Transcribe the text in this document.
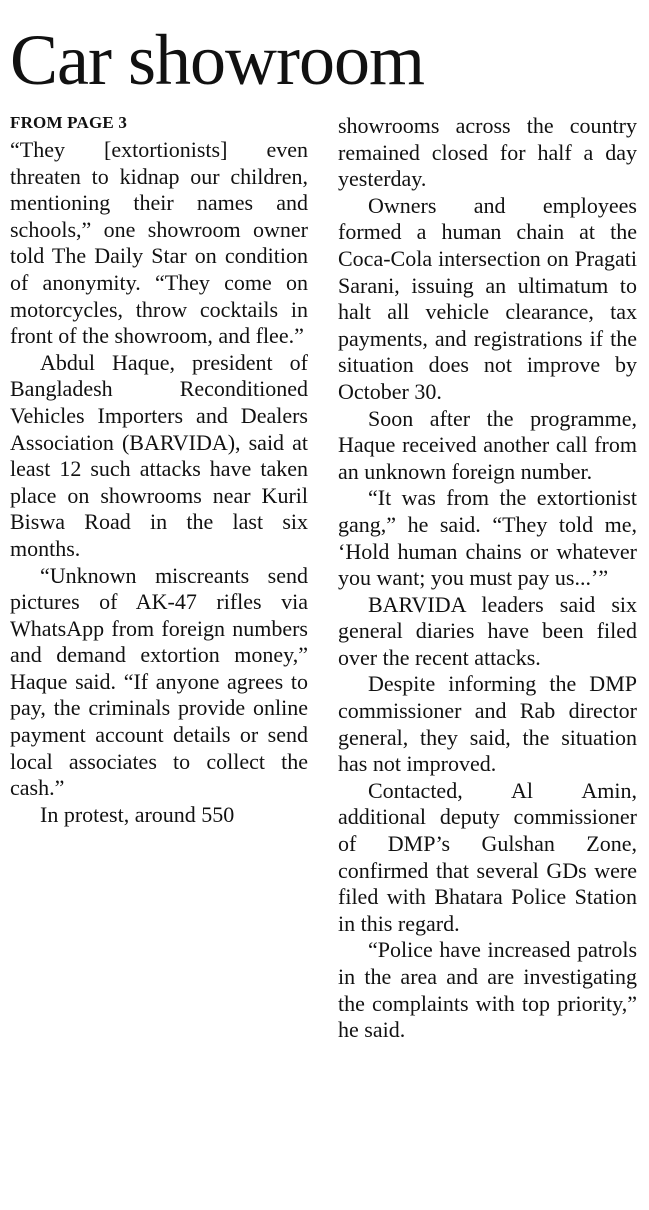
Car showroom
FROM PAGE 3

“They [extortionists] even threaten to kidnap our children, mentioning their names and schools,” one showroom owner told The Daily Star on condition of anonymity. “They come on motorcycles, throw cocktails in front of the showroom, and flee.”

Abdul Haque, president of Bangladesh Reconditioned Vehicles Importers and Dealers Association (BARVIDA), said at least 12 such attacks have taken place on showrooms near Kuril Biswa Road in the last six months.

“Unknown miscreants send pictures of AK-47 rifles via WhatsApp from foreign numbers and demand extortion money,” Haque said. “If anyone agrees to pay, the criminals provide online payment account details or send local associates to collect the cash.”

In protest, around 550

showrooms across the country remained closed for half a day yesterday.

Owners and employees formed a human chain at the Coca-Cola intersection on Pragati Sarani, issuing an ultimatum to halt all vehicle clearance, tax payments, and registrations if the situation does not improve by October 30.

Soon after the programme, Haque received another call from an unknown foreign number.

“It was from the extortionist gang,” he said. “They told me, ‘Hold human chains or whatever you want; you must pay us...’”

BARVIDA leaders said six general diaries have been filed over the recent attacks.

Despite informing the DMP commissioner and Rab director general, they said, the situation has not improved.

Contacted, Al Amin, additional deputy commissioner of DMP’s Gulshan Zone, confirmed that several GDs were filed with Bhatara Police Station in this regard.

“Police have increased patrols in the area and are investigating the complaints with top priority,” he said.
